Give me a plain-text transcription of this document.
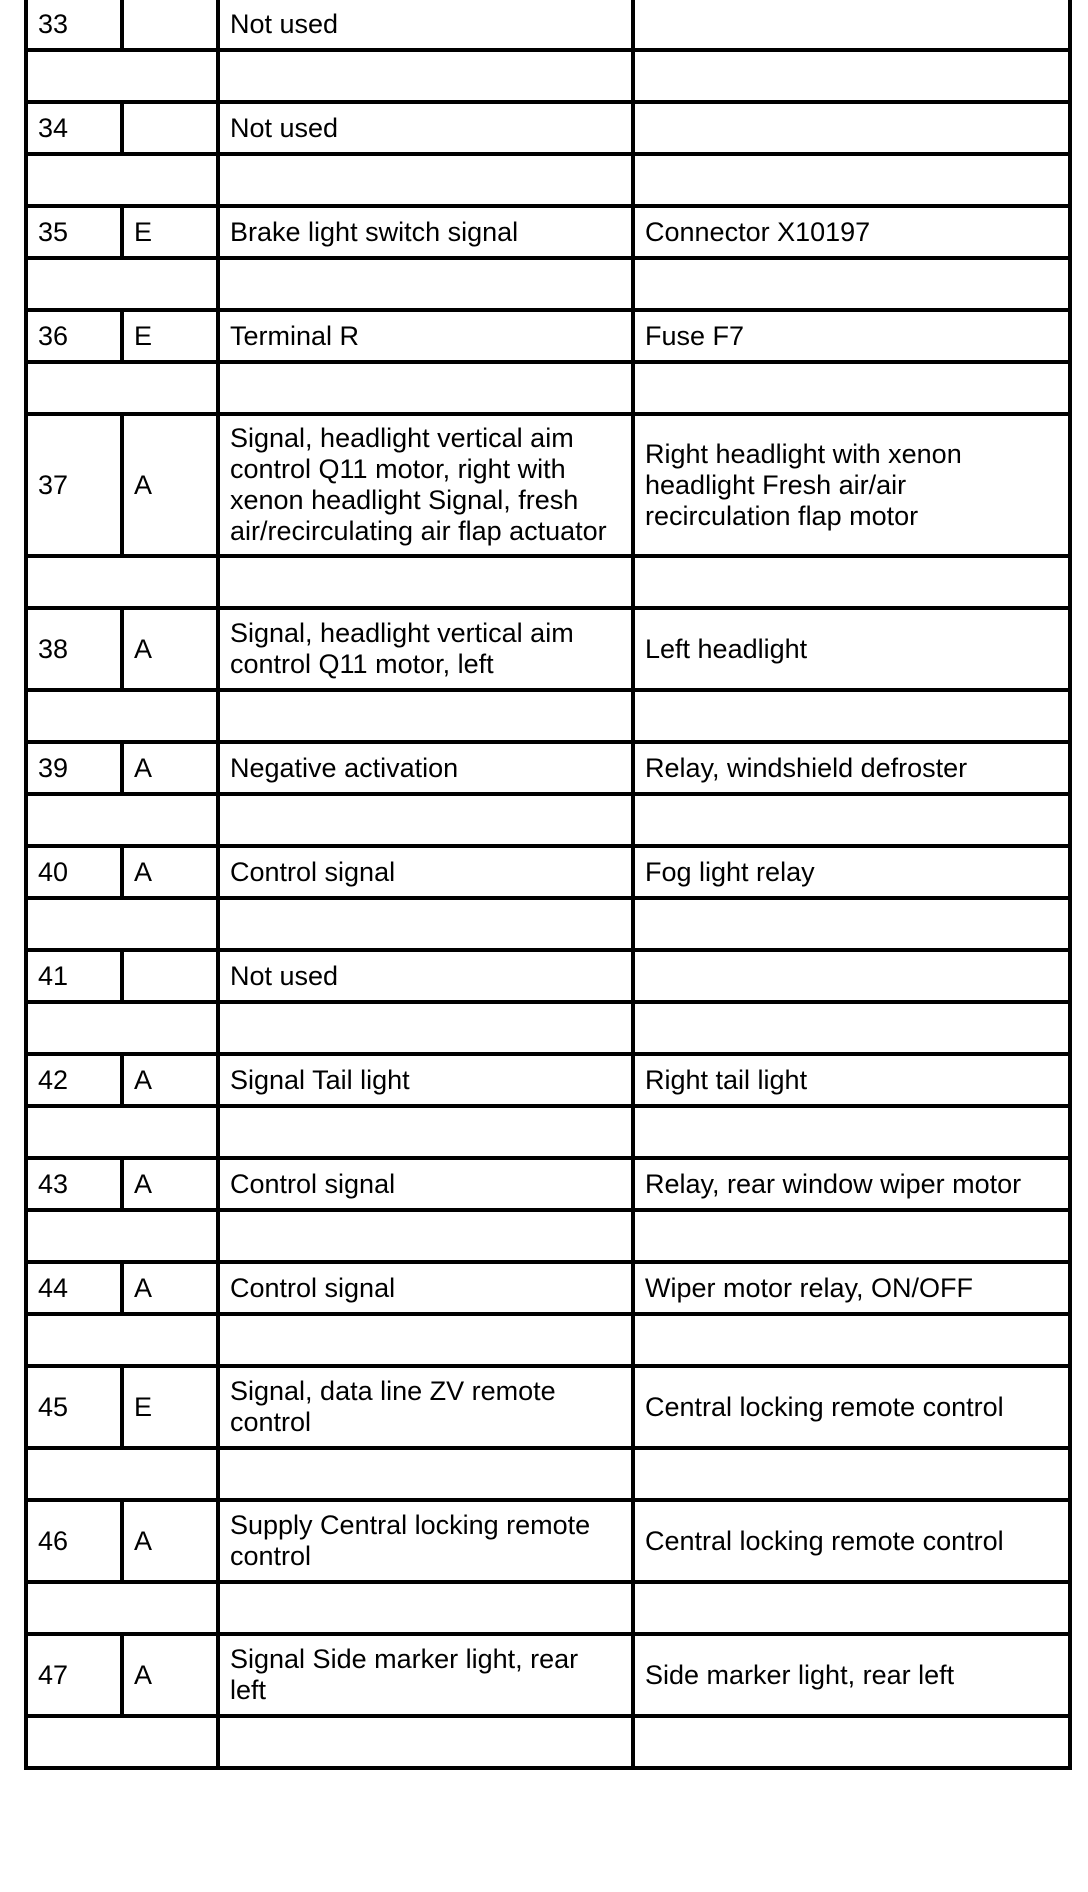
33		Not used	

34		Not used	

35	E	Brake light switch signal	Connector X10197

36	E	Terminal R	Fuse F7

37	A	Signal, headlight vertical aim control Q11 motor, right with xenon headlight Signal, fresh air/recirculating air flap actuator	Right headlight with xenon headlight Fresh air/air recirculation flap motor

38	A	Signal, headlight vertical aim control Q11 motor, left	Left headlight

39	A	Negative activation	Relay, windshield defroster

40	A	Control signal	Fog light relay

41		Not used	

42	A	Signal Tail light	Right tail light

43	A	Control signal	Relay, rear window wiper motor

44	A	Control signal	Wiper motor relay, ON/OFF

45	E	Signal, data line ZV remote control	Central locking remote control

46	A	Supply Central locking remote control	Central locking remote control

47	A	Signal Side marker light, rear left	Side marker light, rear left
